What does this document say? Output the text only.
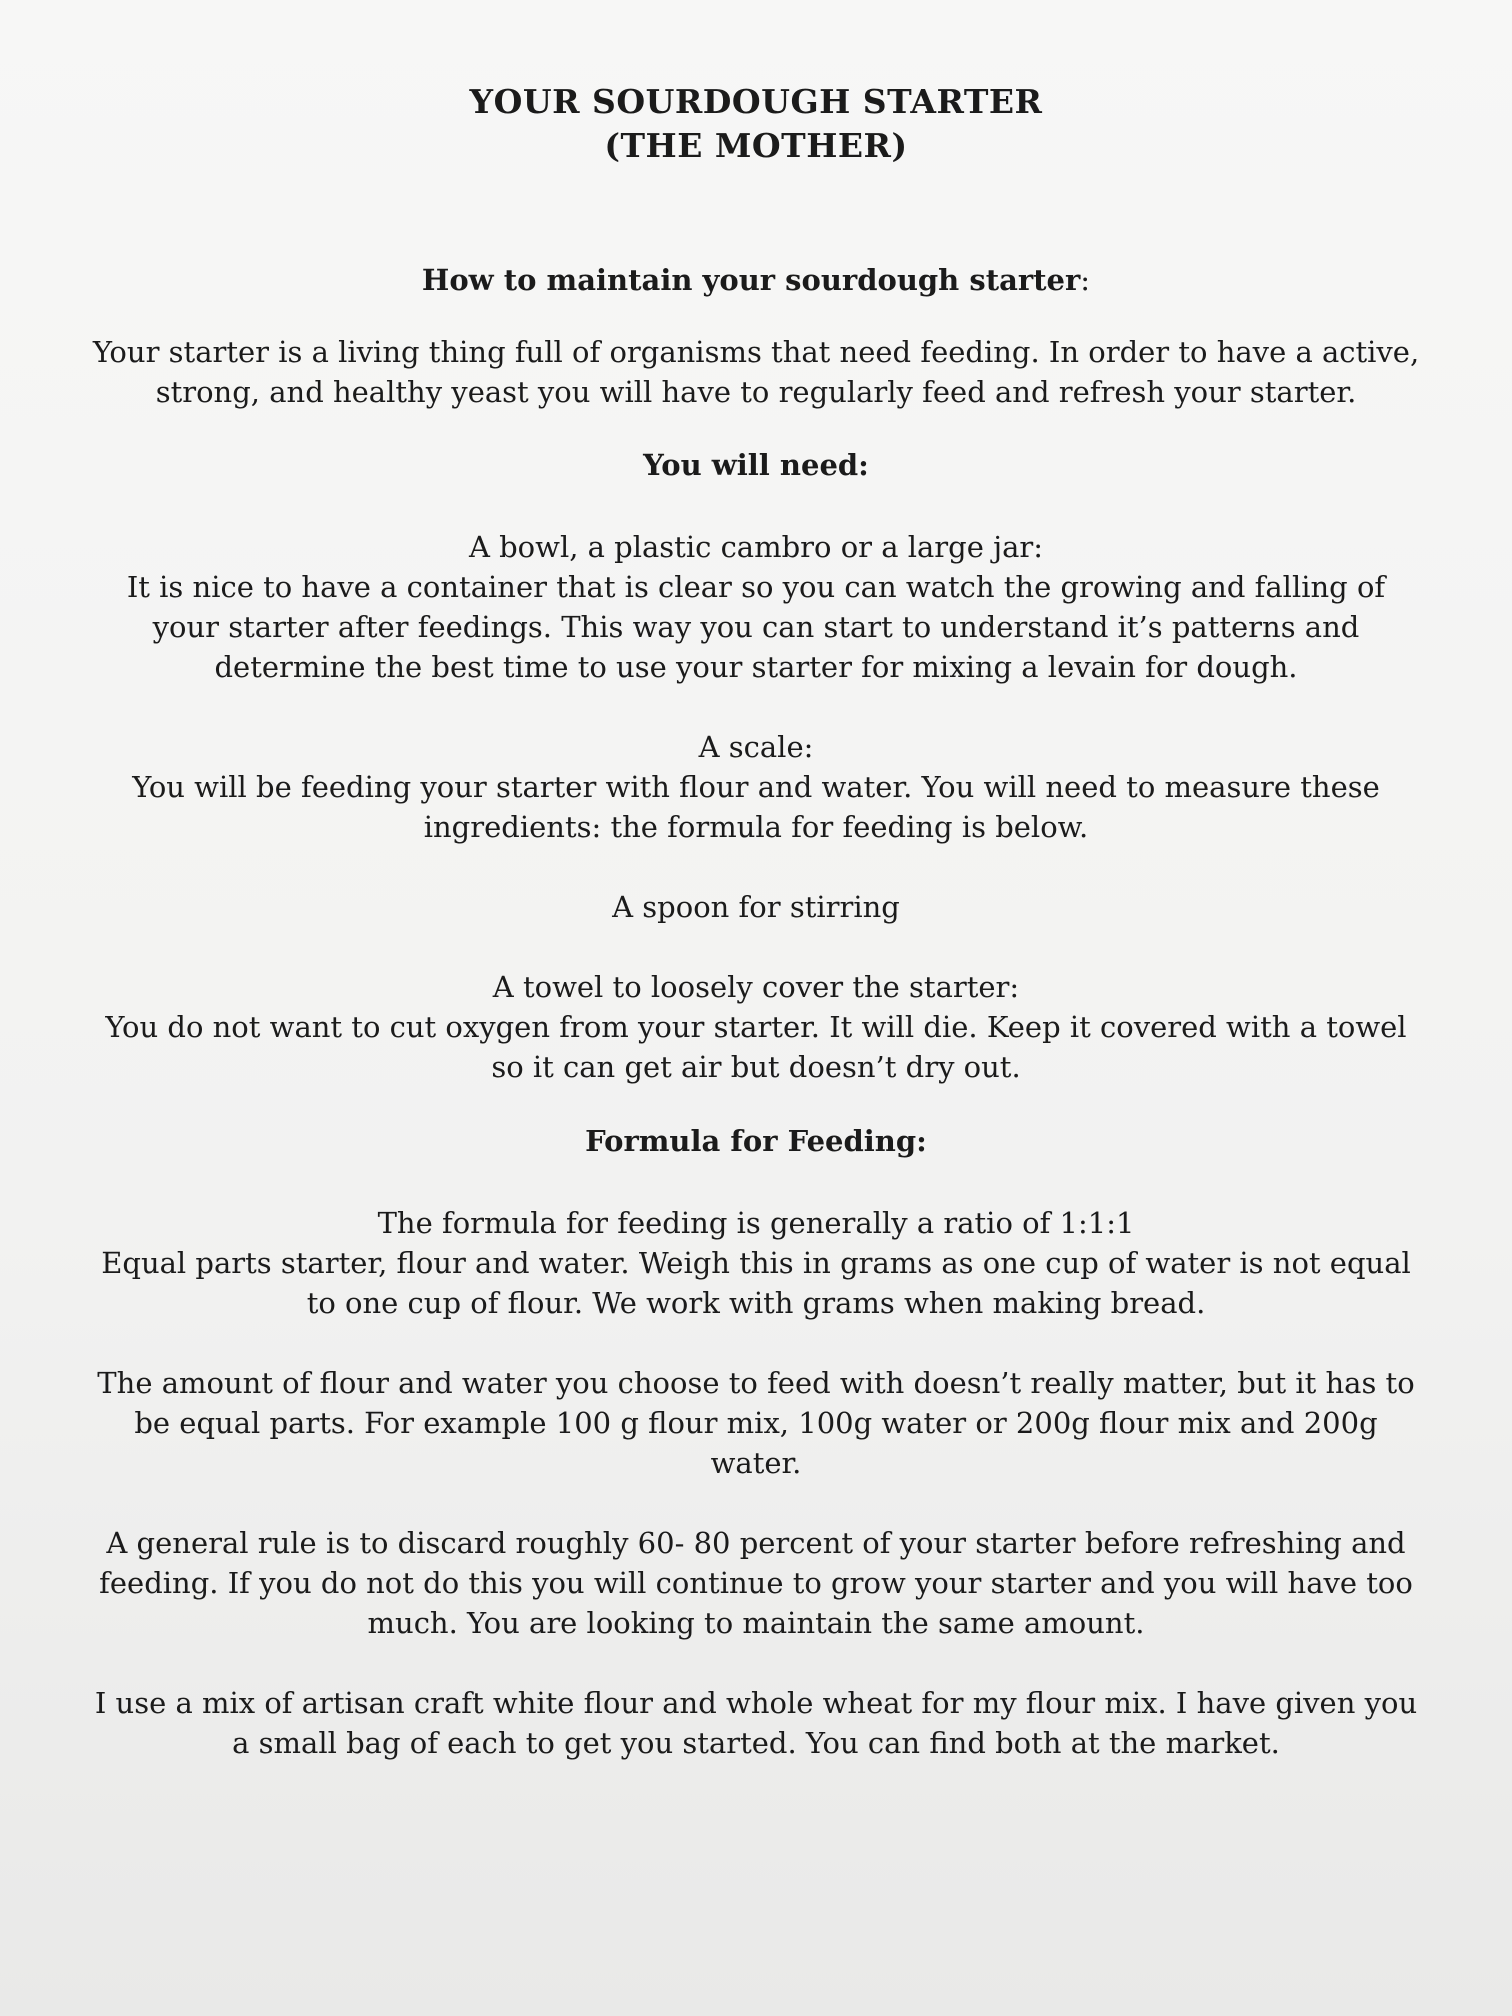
YOUR SOURDOUGH STARTER

(THE MOTHER)

How to maintain your sourdough starter:

Your starter is a living thing full of organisms that need feeding. In order to have a active, strong, and healthy yeast you will have to regularly feed and refresh your starter.

You will need:

A bowl, a plastic cambro or a large jar:
It is nice to have a container that is clear so you can watch the growing and falling of your starter after feedings. This way you can start to understand it’s patterns and determine the best time to use your starter for mixing a levain for dough.
A scale:
You will be feeding your starter with flour and water. You will need to measure these ingredients: the formula for feeding is below.
A spoon for stirring
A towel to loosely cover the starter:
You do not want to cut oxygen from your starter. It will die. Keep it covered with a towel so it can get air but doesn’t dry out.

Formula for Feeding:

The formula for feeding is generally a ratio of 1:1:1
Equal parts starter, flour and water. Weigh this in grams as one cup of water is not equal to one cup of flour. We work with grams when making bread.

The amount of flour and water you choose to feed with doesn’t really matter, but it has to be equal parts. For example 100 g flour mix, 100g water or 200g flour mix and 200g water.

A general rule is to discard roughly 60- 80 percent of your starter before refreshing and feeding. If you do not do this you will continue to grow your starter and you will have too much. You are looking to maintain the same amount.

I use a mix of artisan craft white flour and whole wheat for my flour mix. I have given you a small bag of each to get you started. You can find both at the market.
